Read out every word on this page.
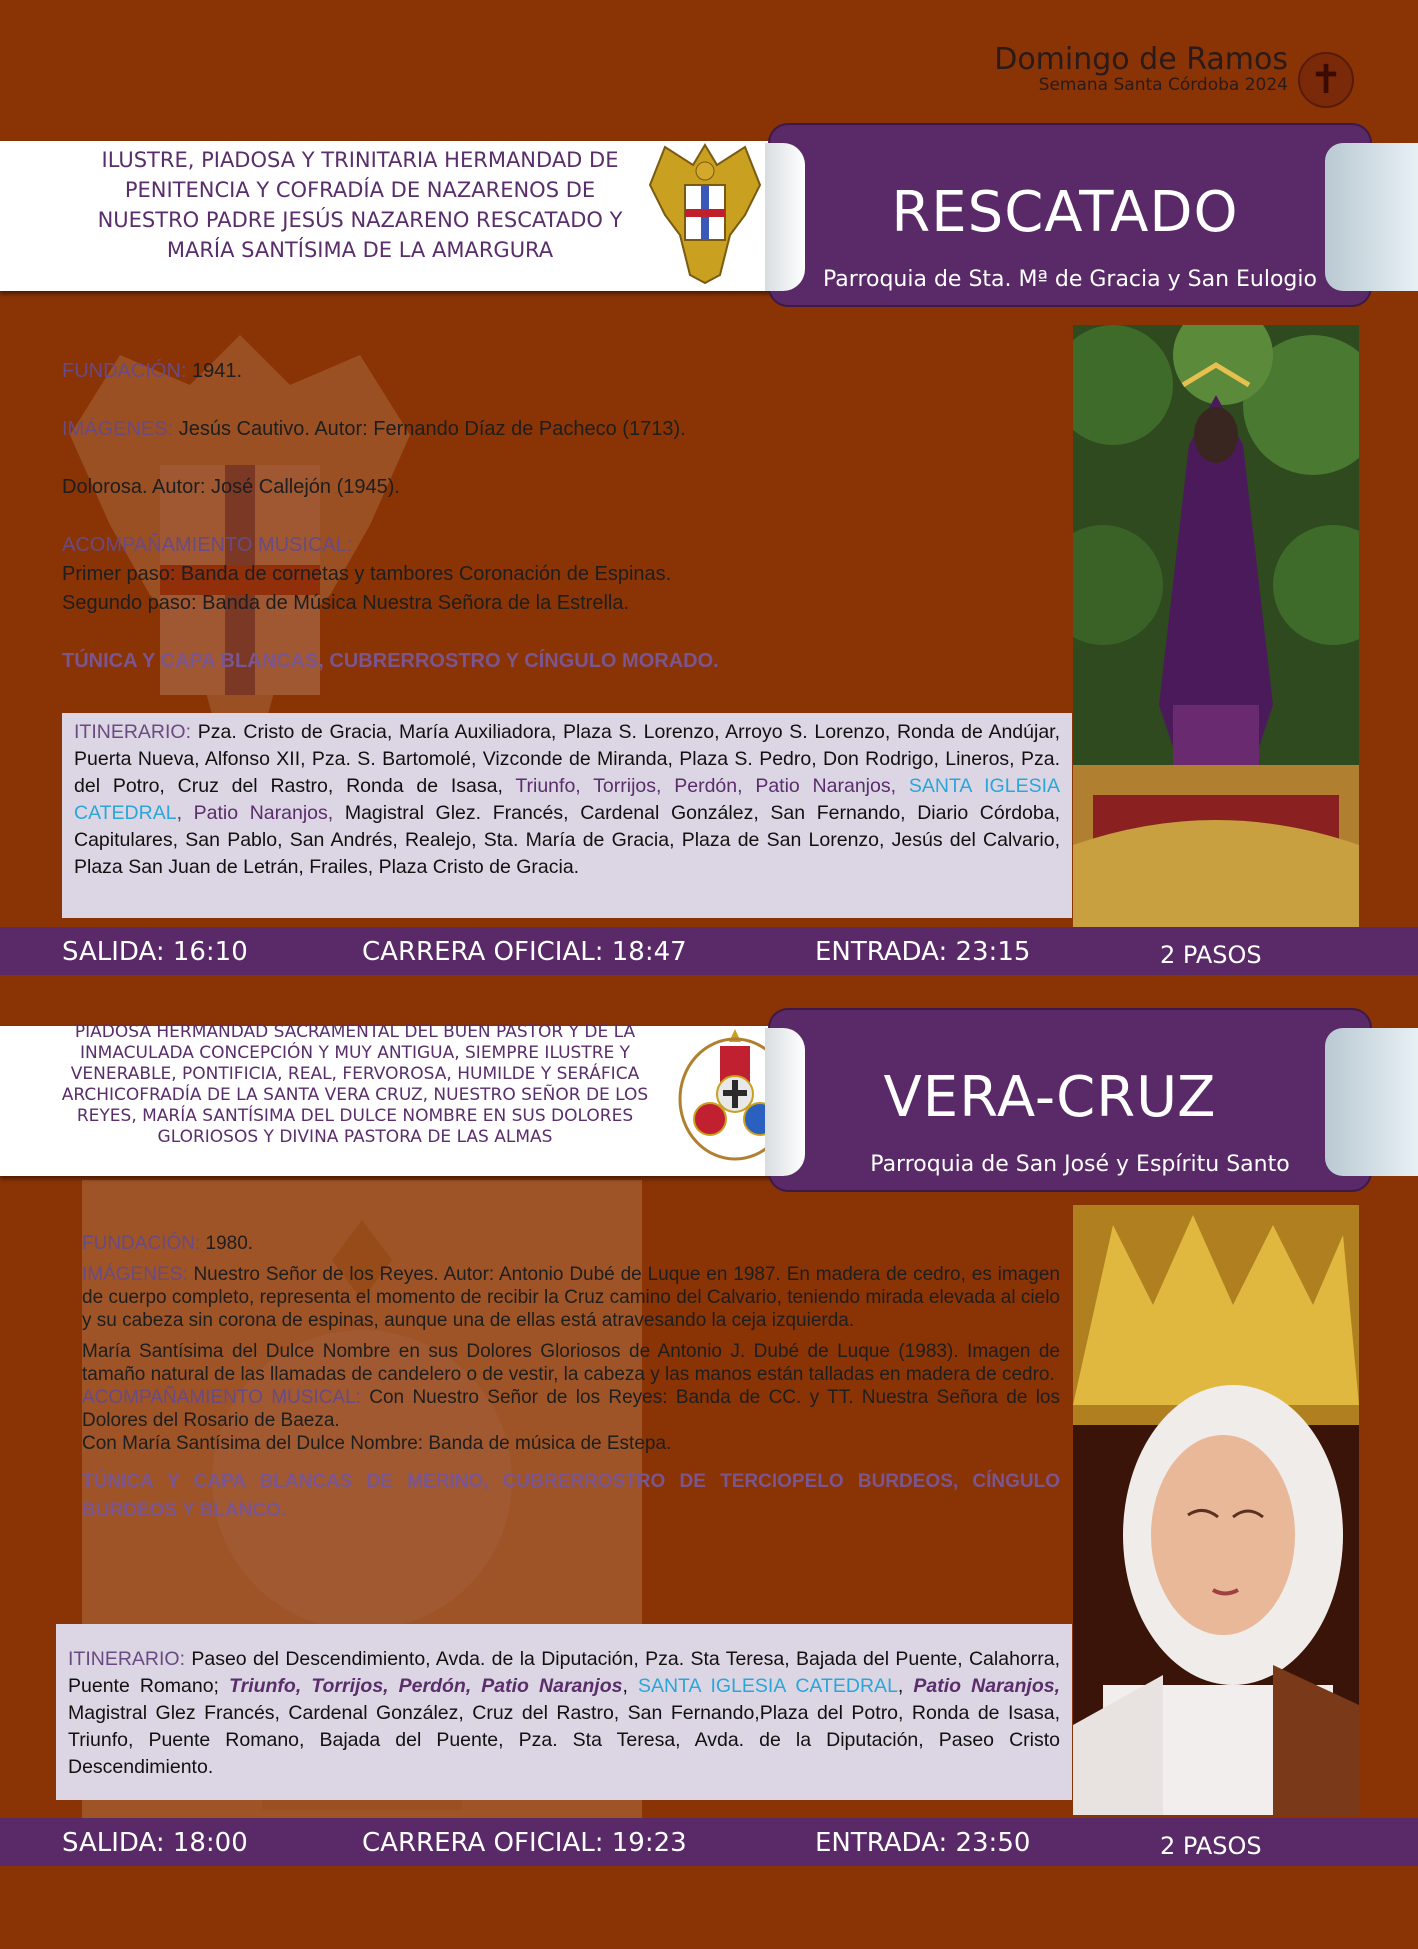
Domingo de Ramos
Semana Santa Córdoba 2024 ✝
ILUSTRE, PIADOSA Y TRINITARIA HERMANDAD DE PENITENCIA Y COFRADÍA DE NAZARENOS DE NUESTRO PADRE JESÚS NAZARENO RESCATADO Y MARÍA SANTÍSIMA DE LA AMARGURA
RESCATADO
Parroquia de Sta. Mª de Gracia y San Eulogio
FUNDACIÓN: 1941.
IMÁGENES: Jesús Cautivo. Autor: Fernando Díaz de Pacheco (1713).
Dolorosa. Autor: José Callejón (1945).
ACOMPAÑAMIENTO MUSICAL:
Primer paso: Banda de cornetas y tambores Coronación de Espinas.
Segundo paso: Banda de Música Nuestra Señora de la Estrella.
TÚNICA Y CAPA BLANCAS, CUBRERROSTRO Y CÍNGULO MORADO.
ITINERARIO: Pza. Cristo de Gracia, María Auxiliadora, Plaza S. Lorenzo, Arroyo S. Lorenzo, Ronda de Andújar, Puerta Nueva, Alfonso XII, Pza. S. Bartomolé, Vizconde de Miranda, Plaza S. Pedro, Don Rodrigo, Lineros, Pza. del Potro, Cruz del Rastro, Ronda de Isasa, Triunfo, Torrijos, Perdón, Patio Naranjos, SANTA IGLESIA CATEDRAL, Patio Naranjos, Magistral Glez. Francés, Cardenal González, San Fernando, Diario Córdoba, Capitulares, San Pablo, San Andrés, Realejo, Sta. María de Gracia, Plaza de San Lorenzo, Jesús del Calvario, Plaza San Juan de Letrán, Frailes, Plaza Cristo de Gracia.
SALIDA: 16:10	CARRERA OFICIAL: 18:47	ENTRADA: 23:15	2 PASOS
PIADOSA HERMANDAD SACRAMENTAL DEL BUEN PASTOR Y DE LA INMACULADA CONCEPCIÓN Y MUY ANTIGUA, SIEMPRE ILUSTRE Y VENERABLE, PONTIFICIA, REAL, FERVOROSA, HUMILDE Y SERÁFICA ARCHICOFRADÍA DE LA SANTA VERA CRUZ, NUESTRO SEÑOR DE LOS REYES, MARÍA SANTÍSIMA DEL DULCE NOMBRE EN SUS DOLORES GLORIOSOS Y DIVINA PASTORA DE LAS ALMAS
VERA-CRUZ
Parroquia de San José y Espíritu Santo
FUNDACIÓN: 1980.
IMÁGENES: Nuestro Señor de los Reyes. Autor: Antonio Dubé de Luque en 1987. En madera de cedro, es imagen de cuerpo completo, representa el momento de recibir la Cruz camino del Calvario, teniendo mirada elevada al cielo y su cabeza sin corona de espinas, aunque una de ellas está atravesando la ceja izquierda.
María Santísima del Dulce Nombre en sus Dolores Gloriosos de Antonio J. Dubé de Luque (1983). Imagen de tamaño natural de las llamadas de candelero o de vestir, la cabeza y las manos están talladas en madera de cedro.
ACOMPAÑAMIENTO MUSICAL: Con Nuestro Señor de los Reyes: Banda de CC. y TT. Nuestra Señora de los Dolores del Rosario de Baeza.
Con María Santísima del Dulce Nombre: Banda de música de Estepa.
TÚNICA Y CAPA BLANCAS DE MERINO, CUBRERROSTRO DE TERCIOPELO BURDEOS, CÍNGULO BURDEOS Y BLANCO.
ITINERARIO: Paseo del Descendimiento, Avda. de la Diputación, Pza. Sta Teresa, Bajada del Puente, Calahorra, Puente Romano; Triunfo, Torrijos, Perdón, Patio Naranjos, SANTA IGLESIA CATEDRAL, Patio Naranjos, Magistral Glez Francés, Cardenal González, Cruz del Rastro, San Fernando,Plaza del Potro, Ronda de Isasa, Triunfo, Puente Romano, Bajada del Puente, Pza. Sta Teresa, Avda. de la Diputación, Paseo Cristo Descendimiento.
SALIDA: 18:00	CARRERA OFICIAL: 19:23	ENTRADA: 23:50	2 PASOS
